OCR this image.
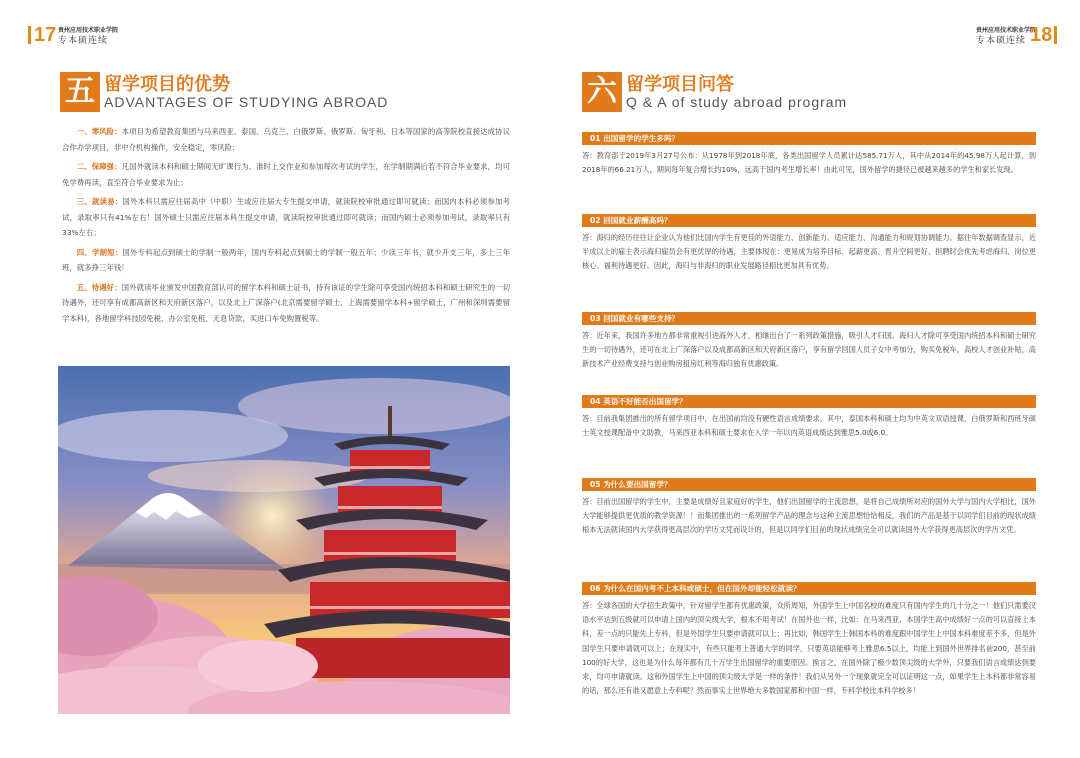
17 贵州应用技术职业学院
专本硕连续
五 留学项目的优势
ADVANTAGES OF STUDYING ABROAD

一、零风险：本项目为希望教育集团与马来西亚、泰国、乌克兰、白俄罗斯、俄罗斯、匈牙利、日本等国家的高等院校直接达成协议合作办学项目，非中介机构操作，安全稳定，零风险；

二、保障强：凡国外就读本科和硕士期间无旷课行为、准时上交作业和参加每次考试的学生，在学制期满后若不符合毕业要求，均可免学费再读，直至符合毕业要求为止；

三、就读易：国外本科只需应往届高中（中职）生或应往届大专生提交申请，就读院校审批通过即可就读；而国内本科必须参加考试，录取率只有41%左右！国外硕士只需应往届本科生提交申请，就读院校审批通过即可就读；而国内硕士必须参加考试，录取率只有33%左右；

四、学制短：国外专科起点到硕士的学制一般两年，国内专科起点到硕士的学制一般五年；少读三年书，就少开支三年，多上三年班，就多挣三年钱！

五、待遇好：国外就读毕业颁发中国教育部认可的留学本科和硕士证书，持有该证的学生除可享受国内统招本科和硕士研究生的一切待遇外，还可享有成都高新区和天府新区落户，以及北上广深落户(北京需要留学硕士，上海需要留学本科+留学硕士，广州和深圳需要留学本科)，各地留学科技园免税、办公室免租、无息贷款、买进口车免购置税等。

贵州应用技术职业学院
专本硕连续 18
六 留学项目问答
Q & A of study abroad program
01 出国留学的学生多吗？
答：教育部于2019年3月27号公布：从1978年到2018年底，各类出国留学人员累计达585.71万人，其中从2014年的45.98万人起计算，到2018年的66.21万人，期间每年复合增长约10%，远高于国内考生增长率！由此可见，国外留学的捷径已被越来越多的学生和家长发现。
02 回国就业薪酬高吗？
答：海归的经历往往让企业认为他们比国内学生有更佳的外语能力、创新能力、适应能力、沟通能力和规划协调能力。据往年数据调查显示，近半成以上的雇主表示海归雇员会有更优厚的待遇，主要体现在：更易成为培养目标、起薪更高、晋升空间更好、担聘时会优先考虑海归、岗位更核心、福利待遇更好。因此，海归与非海归的职业发展路径相比更加具有优势。
03 回国就业有哪些支持？
答：近年来，我国许多地方都非常重视引进海外人才，相继出台了一系列政策措施，吸引人才归国。海归人才除可享受国内统招本科和硕士研究生的一切待遇外，还可在北上广深落户以及成都高新区和天府新区落户，享有留学回国人员子女中考加分，购买免税车，高校人才创业补贴，高新技术产业经费支持与创业购房租房红利等海归独有优惠政策。
04 英语不好能否出国留学？
答：目前我集团推出的所有留学项目中，在出国前均没有硬性语言成绩要求，其中，泰国本科和硕士均为中英文双语授课，白俄罗斯和西班牙硕士英文授课配备中文助教，马来西亚本科和硕士要求在入学一年以内英语成绩达到雅思5.0或6.0。
05 为什么要出国留学？
答：目前出国留学的学生中，主要是成绩好且家庭好的学生，他们出国留学的主流思想，是将自己成绩所对应的国外大学与国内大学相比，国外大学能够提供更优质的教学资源！！而集团推出的一系列留学产品的理念与这种主流思想恰恰相反，我们的产品是基于以同学们目前的现状成绩根本无法就读国内大学获得更高层次的学历文凭而设计的，但是以同学们目前的现状成绩完全可以就读国外大学获得更高层次的学历文凭。
06 为什么在国内考不上本科或硕士，但在国外却能轻松就读？
答：全球各国的大学招生政策中，针对留学生都有优惠政策，众所周知，外国学生上中国名校的难度只有国内学生的几十分之一！他们只需要汉语水平达到五级就可以申请上国内的顶尖级大学，根本不用考试！在国外也一样，比如：在马来西亚，本国学生高中成绩好一点的可以直接上本科，差一点的只能先上专科，但是外国学生只要申请就可以上；再比如，韩国学生上韩国本科的难度跟中国学生上中国本科难度差不多，但是外国学生只要申请就可以上；在现实中，有些只能考上普通大学的同学，只要英语能够考上雅思6.5以上，均能上到国外世界排名前200，甚至前100的好大学，这也是为什么每年都有几十万学生出国留学的重要原因。换言之，在国外除了极少数顶尖级的大学外，只要我们语言成绩达到要求，均可申请就读。这和外国学生上中国的顶尖级大学是一样的条件！我们从另外一个现象就完全可以证明这一点，如果学生上本科都非常容易的话，那么还有谁又愿意上专科呢？然而事实上世界绝大多数国家都和中国一样，专科学校比本科学校多！
